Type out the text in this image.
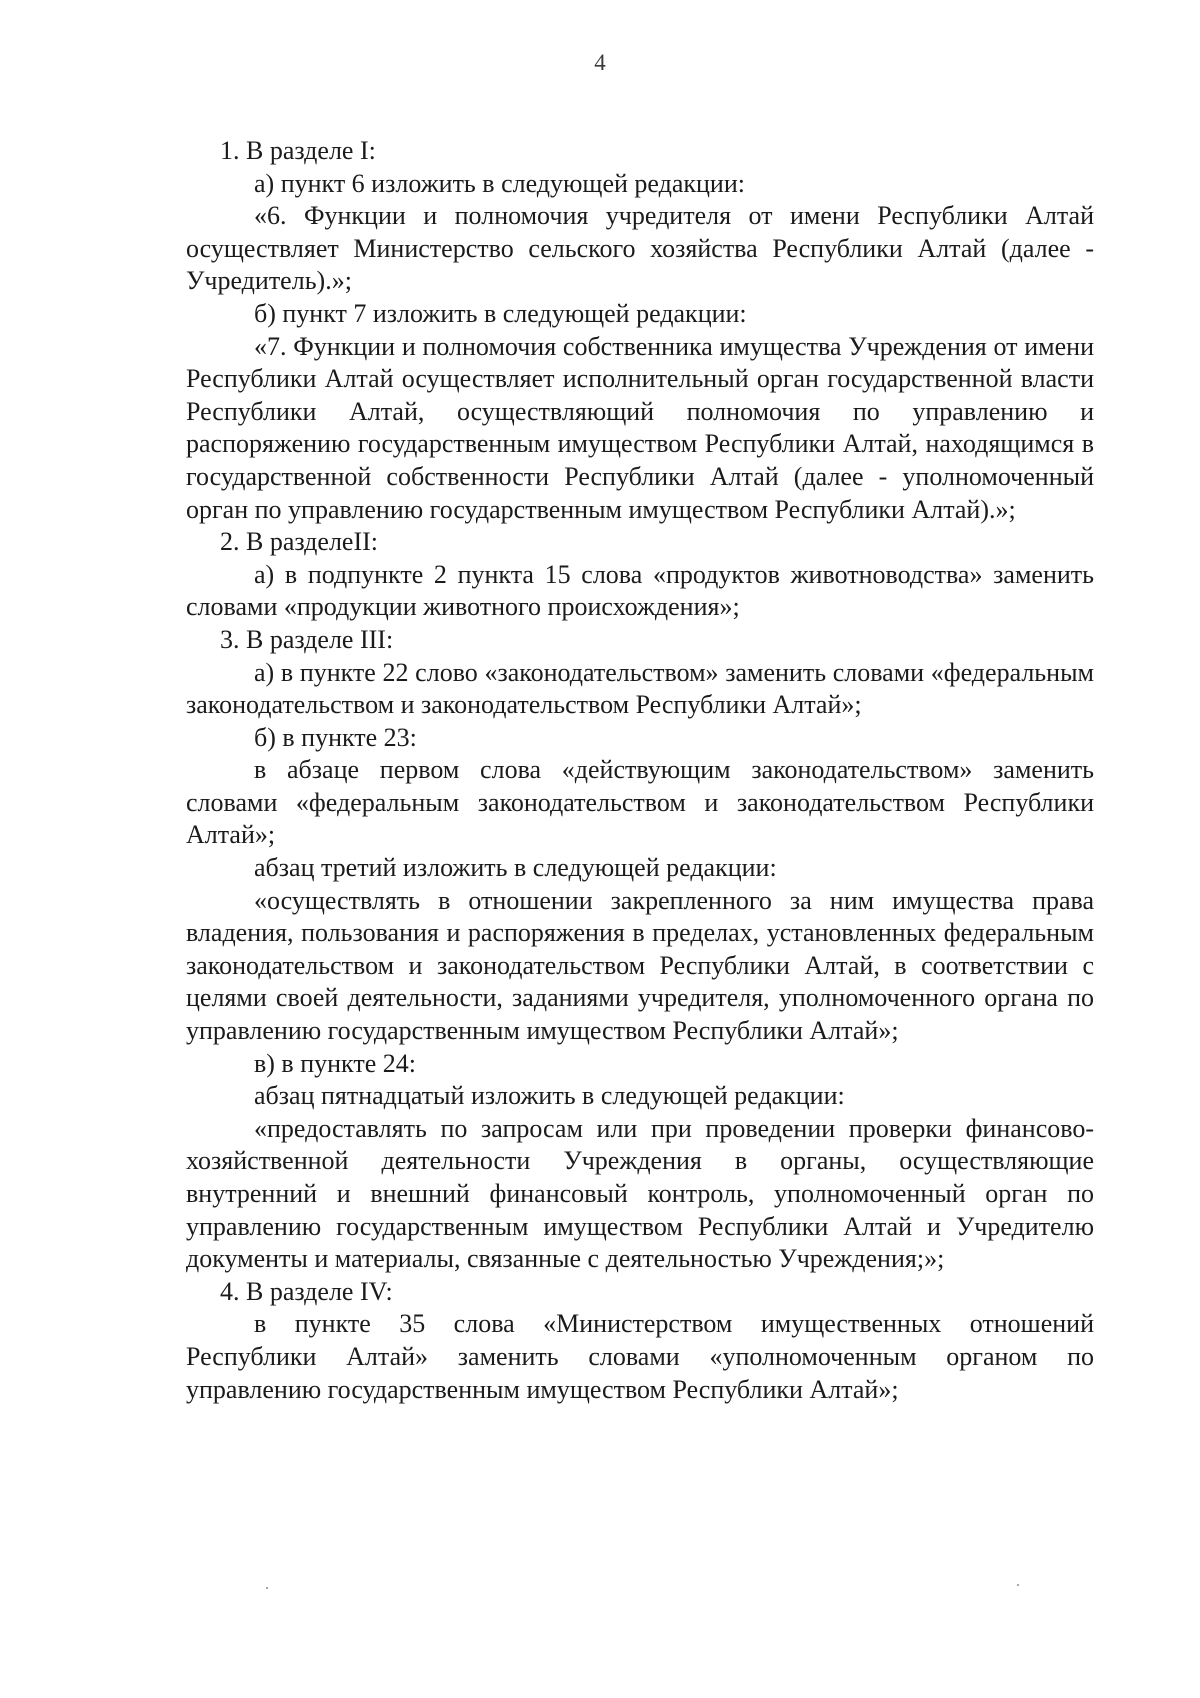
4

1. В разделе I:

а) пункт 6 изложить в следующей редакции:

«6. Функции и полномочия учредителя от имени Республики Алтай осуществляет Министерство сельского хозяйства Республики Алтай (далее - Учредитель).»;

б) пункт 7 изложить в следующей редакции:

«7. Функции и полномочия собственника имущества Учреждения от имени Республики Алтай осуществляет исполнительный орган государственной власти Республики Алтай, осуществляющий полномочия по управлению и распоряжению государственным имуществом Республики Алтай, находящимся в государственной собственности Республики Алтай (далее - уполномоченный орган по управлению государственным имуществом Республики Алтай).»;

2. В разделеII:

а) в подпункте 2 пункта 15 слова «продуктов животноводства» заменить словами «продукции животного происхождения»;

3. В разделе III:

а) в пункте 22 слово «законодательством» заменить словами «федеральным законодательством и законодательством Республики Алтай»;

б) в пункте 23:

в абзаце первом слова «действующим законодательством» заменить словами «федеральным законодательством и законодательством Республики Алтай»;

абзац третий изложить в следующей редакции:

«осуществлять в отношении закрепленного за ним имущества права владения, пользования и распоряжения в пределах, установленных федеральным законодательством и законодательством Республики Алтай, в соответствии с целями своей деятельности, заданиями учредителя, уполномоченного органа по управлению государственным имуществом Республики Алтай»;

в) в пункте 24:

абзац пятнадцатый изложить в следующей редакции:

«предоставлять по запросам или при проведении проверки финансово-хозяйственной деятельности Учреждения в органы, осуществляющие внутренний и внешний финансовый контроль, уполномоченный орган по управлению государственным имуществом Республики Алтай и Учредителю документы и материалы, связанные с деятельностью Учреждения;»;

4. В разделе IV:

в пункте 35 слова «Министерством имущественных отношений Республики Алтай» заменить словами «уполномоченным органом по управлению государственным имуществом Республики Алтай»;
